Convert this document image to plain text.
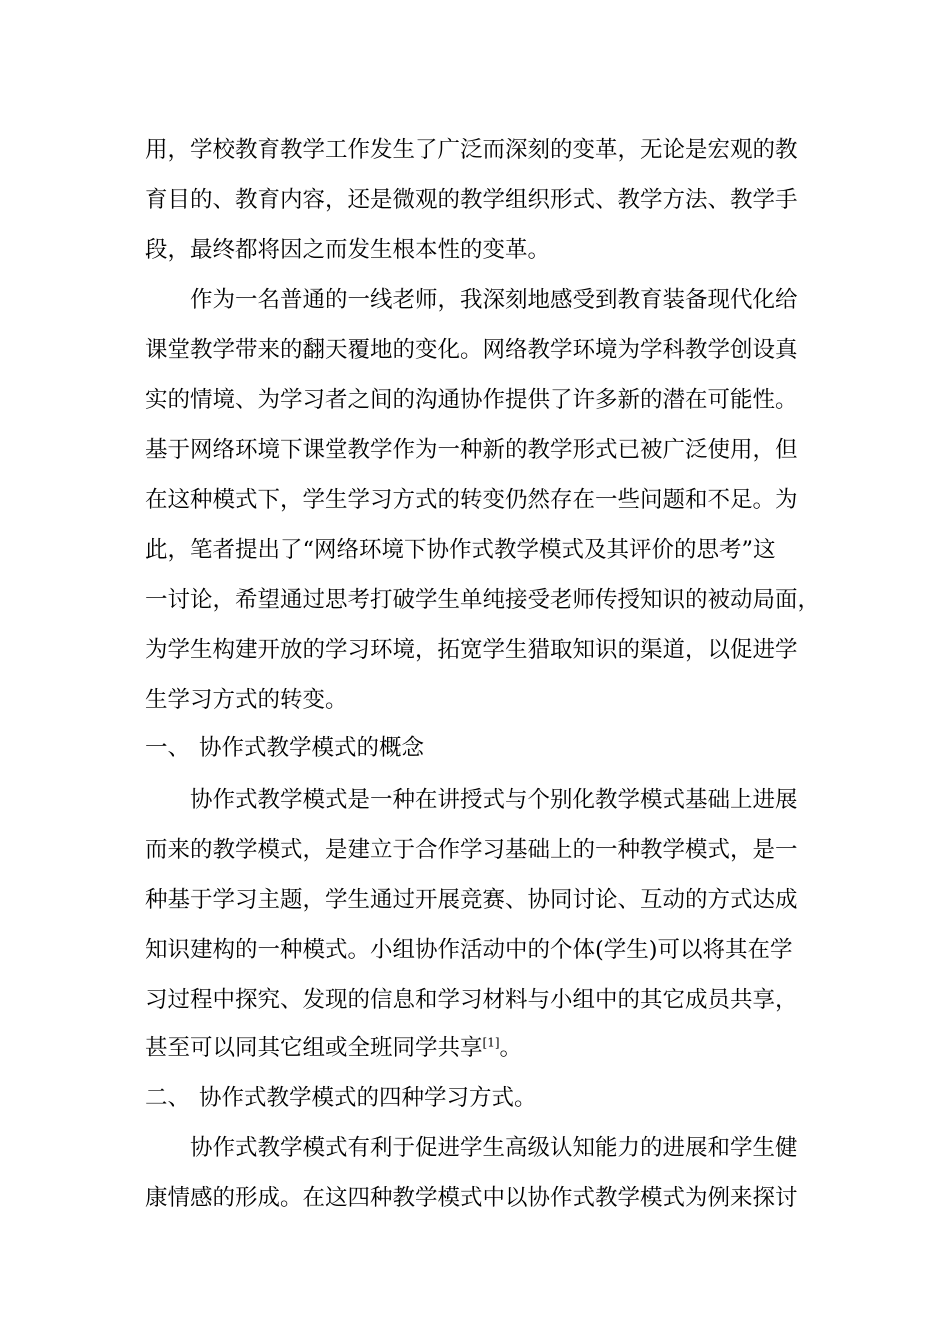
用，学校教育教学工作发生了广泛而深刻的变革，无论是宏观的教
育目的、教育内容，还是微观的教学组织形式、教学方法、教学手
段，最终都将因之而发生根本性的变革。
作为一名普通的一线老师，我深刻地感受到教育装备现代化给
课堂教学带来的翻天覆地的变化。网络教学环境为学科教学创设真
实的情境、为学习者之间的沟通协作提供了许多新的潜在可能性。
基于网络环境下课堂教学作为一种新的教学形式已被广泛使用，但
在这种模式下，学生学习方式的转变仍然存在一些问题和不足。为
此，笔者提出了“网络环境下协作式教学模式及其评价的思考”这
一讨论，希望通过思考打破学生单纯接受老师传授知识的被动局面，
为学生构建开放的学习环境，拓宽学生猎取知识的渠道，以促进学
生学习方式的转变。
一、 协作式教学模式的概念
协作式教学模式是一种在讲授式与个别化教学模式基础上进展
而来的教学模式，是建立于合作学习基础上的一种教学模式，是一
种基于学习主题，学生通过开展竞赛、协同讨论、互动的方式达成
知识建构的一种模式。小组协作活动中的个体(学生)可以将其在学
习过程中探究、发现的信息和学习材料与小组中的其它成员共享，
甚至可以同其它组或全班同学共享[1]。
二、 协作式教学模式的四种学习方式。
协作式教学模式有利于促进学生高级认知能力的进展和学生健
康情感的形成。在这四种教学模式中以协作式教学模式为例来探讨
